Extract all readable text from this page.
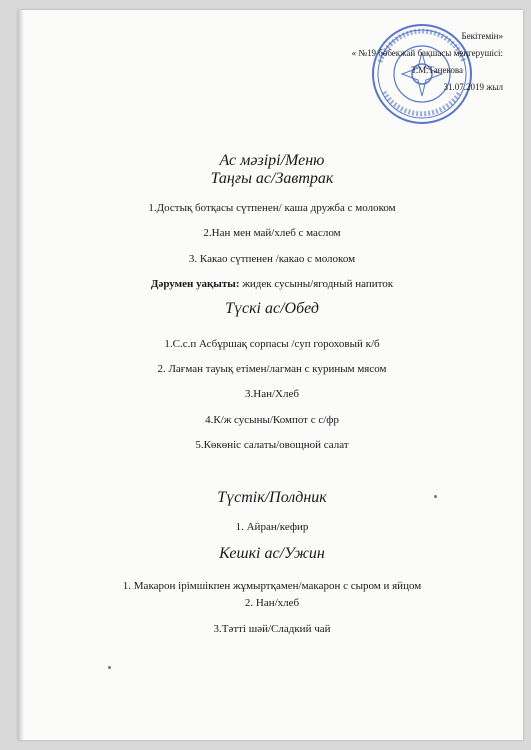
Бекітемін»
« №19 бөбекжай бақшасы меңгерушісі:
Т.М.Танекова
31.07.2019 жыл
Ас мәзірі/Меню
Таңғы ас/Завтрак
1.Достық ботқасы сүтпенен/ каша дружба с молоком
2.Нан мен май/хлеб с маслом
3. Какао сүтпенен /какао с молоком
Дәрумен уақыты: жидек сусыны/ягодный напиток
Түскі ас/Обед
1.С.с.п Асбұршақ сорпасы /суп гороховый к/б
2. Лағман тауық етімен/лагман с куриным мясом
3.Нан/Хлеб
4.К/ж сусыны/Компот с с/фр
5.Көкөніс салаты/овощной салат
Түстік/Полдник
1. Айран/кефир
Кешкі ас/Ужин
1. Макарон ірімшікпен жұмыртқамен/макарон с сыром и яйцом
2. Нан/хлеб
3.Тәтті шәй/Сладкий чай
